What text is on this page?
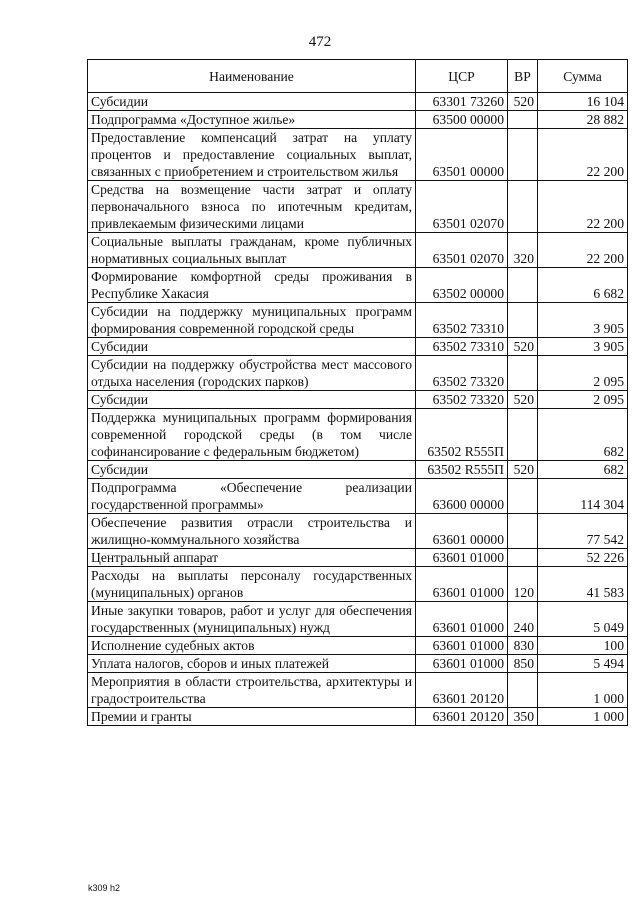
472
Наименование	ЦСР	ВР	Сумма
Субсидии	63301 73260	520	16 104
Подпрограмма «Доступное жилье»	63500 00000		28 882
Предоставление компенсаций затрат на уплату процентов и предоставление социальных выплат, связанных с приобретением и строительством жилья	63501 00000		22 200
Средства на возмещение части затрат и оплату первоначального взноса по ипотечным кредитам, привлекаемым физическими лицами	63501 02070		22 200
Социальные выплаты гражданам, кроме публичных нормативных социальных выплат	63501 02070	320	22 200
Формирование комфортной среды проживания в Республике Хакасия	63502 00000		6 682
Субсидии на поддержку муниципальных программ формирования современной городской среды	63502 73310		3 905
Субсидии	63502 73310	520	3 905
Субсидии на поддержку обустройства мест массового отдыха населения (городских парков)	63502 73320		2 095
Субсидии	63502 73320	520	2 095
Поддержка муниципальных программ формирования современной городской среды (в том числе софинансирование с федеральным бюджетом)	63502 R555П		682
Субсидии	63502 R555П	520	682
Подпрограмма «Обеспечение реализации государственной программы»	63600 00000		114 304
Обеспечение развития отрасли строительства и жилищно-коммунального хозяйства	63601 00000		77 542
Центральный аппарат	63601 01000		52 226
Расходы на выплаты персоналу государственных (муниципальных) органов	63601 01000	120	41 583
Иные закупки товаров, работ и услуг для обеспечения государственных (муниципальных) нужд	63601 01000	240	5 049
Исполнение судебных актов	63601 01000	830	100
Уплата налогов, сборов и иных платежей	63601 01000	850	5 494
Мероприятия в области строительства, архитектуры и градостроительства	63601 20120		1 000
Премии и гранты	63601 20120	350	1 000
k309 h2
